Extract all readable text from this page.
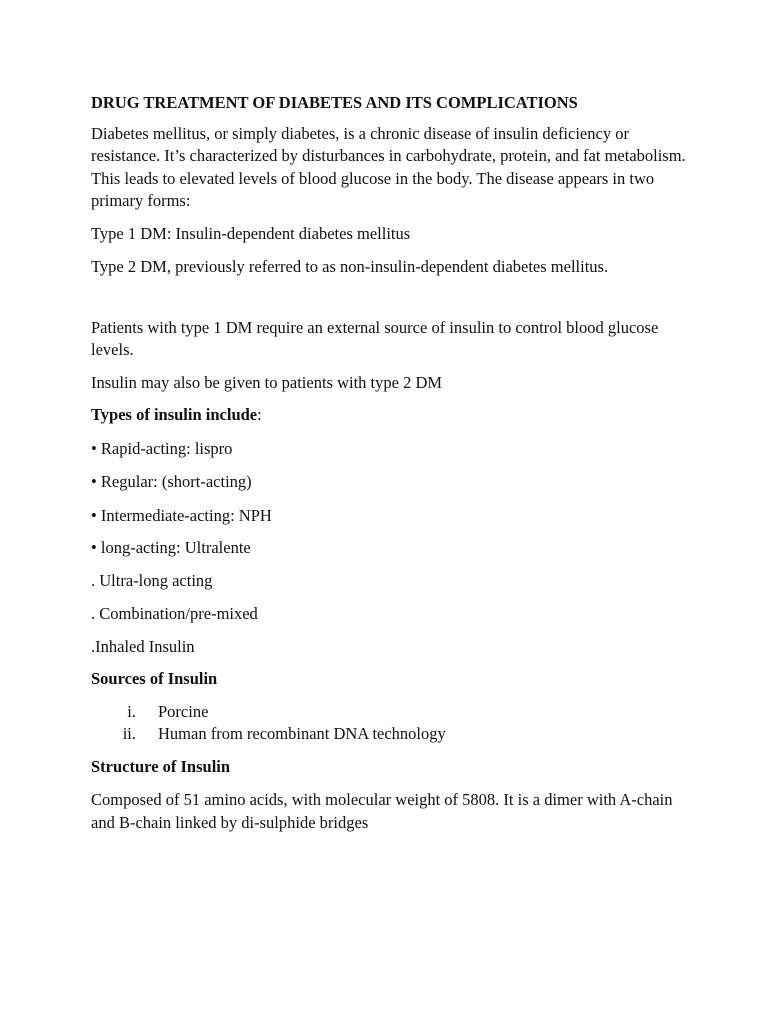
DRUG TREATMENT OF DIABETES AND ITS COMPLICATIONS

Diabetes mellitus, or simply diabetes, is a chronic disease of insulin deficiency or resistance. It’s characterized by disturbances in carbohydrate, protein, and fat metabolism. This leads to elevated levels of blood glucose in the body. The disease appears in two primary forms:

Type 1 DM: Insulin-dependent diabetes mellitus

Type 2 DM, previously referred to as non-insulin-dependent diabetes mellitus.

Patients with type 1 DM require an external source of insulin to control blood glucose levels.

Insulin may also be given to patients with type 2 DM

Types of insulin include:

• Rapid-acting: lispro

• Regular: (short-acting)

• Intermediate-acting: NPH

• long-acting: Ultralente

. Ultra-long acting

. Combination/pre-mixed

.Inhaled Insulin

Sources of Insulin

i.	Porcine
ii.	Human from recombinant DNA technology

Structure of Insulin

Composed of 51 amino acids, with molecular weight of 5808. It is a dimer with A-chain and B-chain linked by di-sulphide bridges
